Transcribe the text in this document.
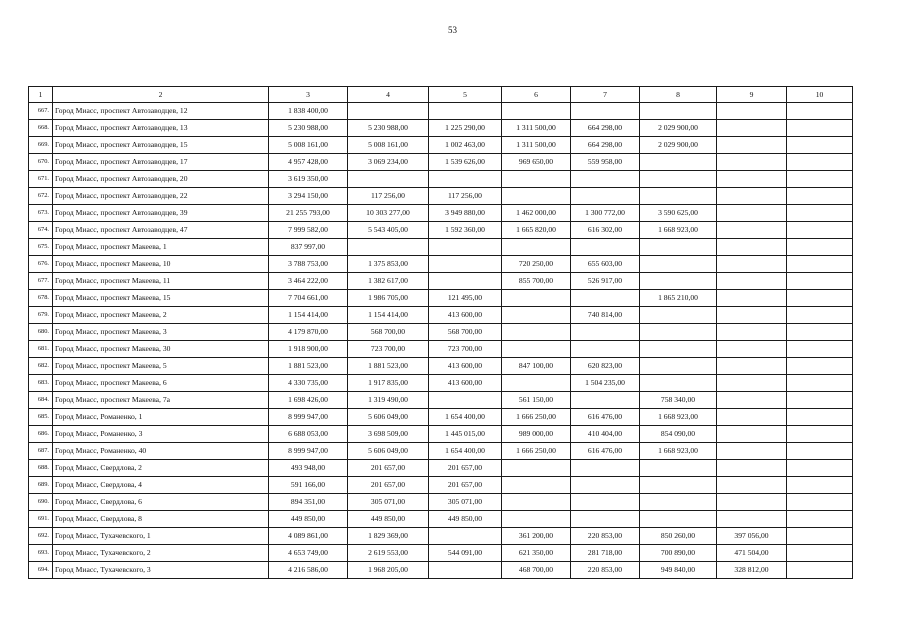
53
1	2	3	4	5	6	7	8	9	10
667.	Город Миасс, проспект Автозаводцев, 12	1 838 400,00							
668.	Город Миасс, проспект Автозаводцев, 13	5 230 988,00	5 230 988,00	1 225 290,00	1 311 500,00	664 298,00	2 029 900,00		
669.	Город Миасс, проспект Автозаводцев, 15	5 008 161,00	5 008 161,00	1 002 463,00	1 311 500,00	664 298,00	2 029 900,00		
670.	Город Миасс, проспект Автозаводцев, 17	4 957 428,00	3 069 234,00	1 539 626,00	969 650,00	559 958,00			
671.	Город Миасс, проспект Автозаводцев, 20	3 619 350,00							
672.	Город Миасс, проспект Автозаводцев, 22	3 294 150,00	117 256,00	117 256,00					
673.	Город Миасс, проспект Автозаводцев, 39	21 255 793,00	10 303 277,00	3 949 880,00	1 462 000,00	1 300 772,00	3 590 625,00		
674.	Город Миасс, проспект Автозаводцев, 47	7 999 582,00	5 543 405,00	1 592 360,00	1 665 820,00	616 302,00	1 668 923,00		
675.	Город Миасс, проспект Макеева, 1	837 997,00							
676.	Город Миасс, проспект Макеева, 10	3 788 753,00	1 375 853,00		720 250,00	655 603,00			
677.	Город Миасс, проспект Макеева, 11	3 464 222,00	1 382 617,00		855 700,00	526 917,00			
678.	Город Миасс, проспект Макеева, 15	7 704 661,00	1 986 705,00	121 495,00			1 865 210,00		
679.	Город Миасс, проспект Макеева, 2	1 154 414,00	1 154 414,00	413 600,00		740 814,00			
680.	Город Миасс, проспект Макеева, 3	4 179 870,00	568 700,00	568 700,00					
681.	Город Миасс, проспект Макеева, 30	1 918 900,00	723 700,00	723 700,00					
682.	Город Миасс, проспект Макеева, 5	1 881 523,00	1 881 523,00	413 600,00	847 100,00	620 823,00			
683.	Город Миасс, проспект Макеева, 6	4 330 735,00	1 917 835,00	413 600,00		1 504 235,00			
684.	Город Миасс, проспект Макеева, 7а	1 698 426,00	1 319 490,00		561 150,00		758 340,00		
685.	Город Миасс, Романенко, 1	8 999 947,00	5 606 049,00	1 654 400,00	1 666 250,00	616 476,00	1 668 923,00		
686.	Город Миасс, Романенко, 3	6 688 053,00	3 698 509,00	1 445 015,00	989 000,00	410 404,00	854 090,00		
687.	Город Миасс, Романенко, 40	8 999 947,00	5 606 049,00	1 654 400,00	1 666 250,00	616 476,00	1 668 923,00		
688.	Город Миасс, Свердлова, 2	493 948,00	201 657,00	201 657,00					
689.	Город Миасс, Свердлова, 4	591 166,00	201 657,00	201 657,00					
690.	Город Миасс, Свердлова, 6	894 351,00	305 071,00	305 071,00					
691.	Город Миасс, Свердлова, 8	449 850,00	449 850,00	449 850,00					
692.	Город Миасс, Тухачевского, 1	4 089 861,00	1 829 369,00		361 200,00	220 853,00	850 260,00	397 056,00	
693.	Город Миасс, Тухачевского, 2	4 653 749,00	2 619 553,00	544 091,00	621 350,00	281 718,00	700 890,00	471 504,00	
694.	Город Миасс, Тухачевского, 3	4 216 586,00	1 968 205,00		468 700,00	220 853,00	949 840,00	328 812,00	
